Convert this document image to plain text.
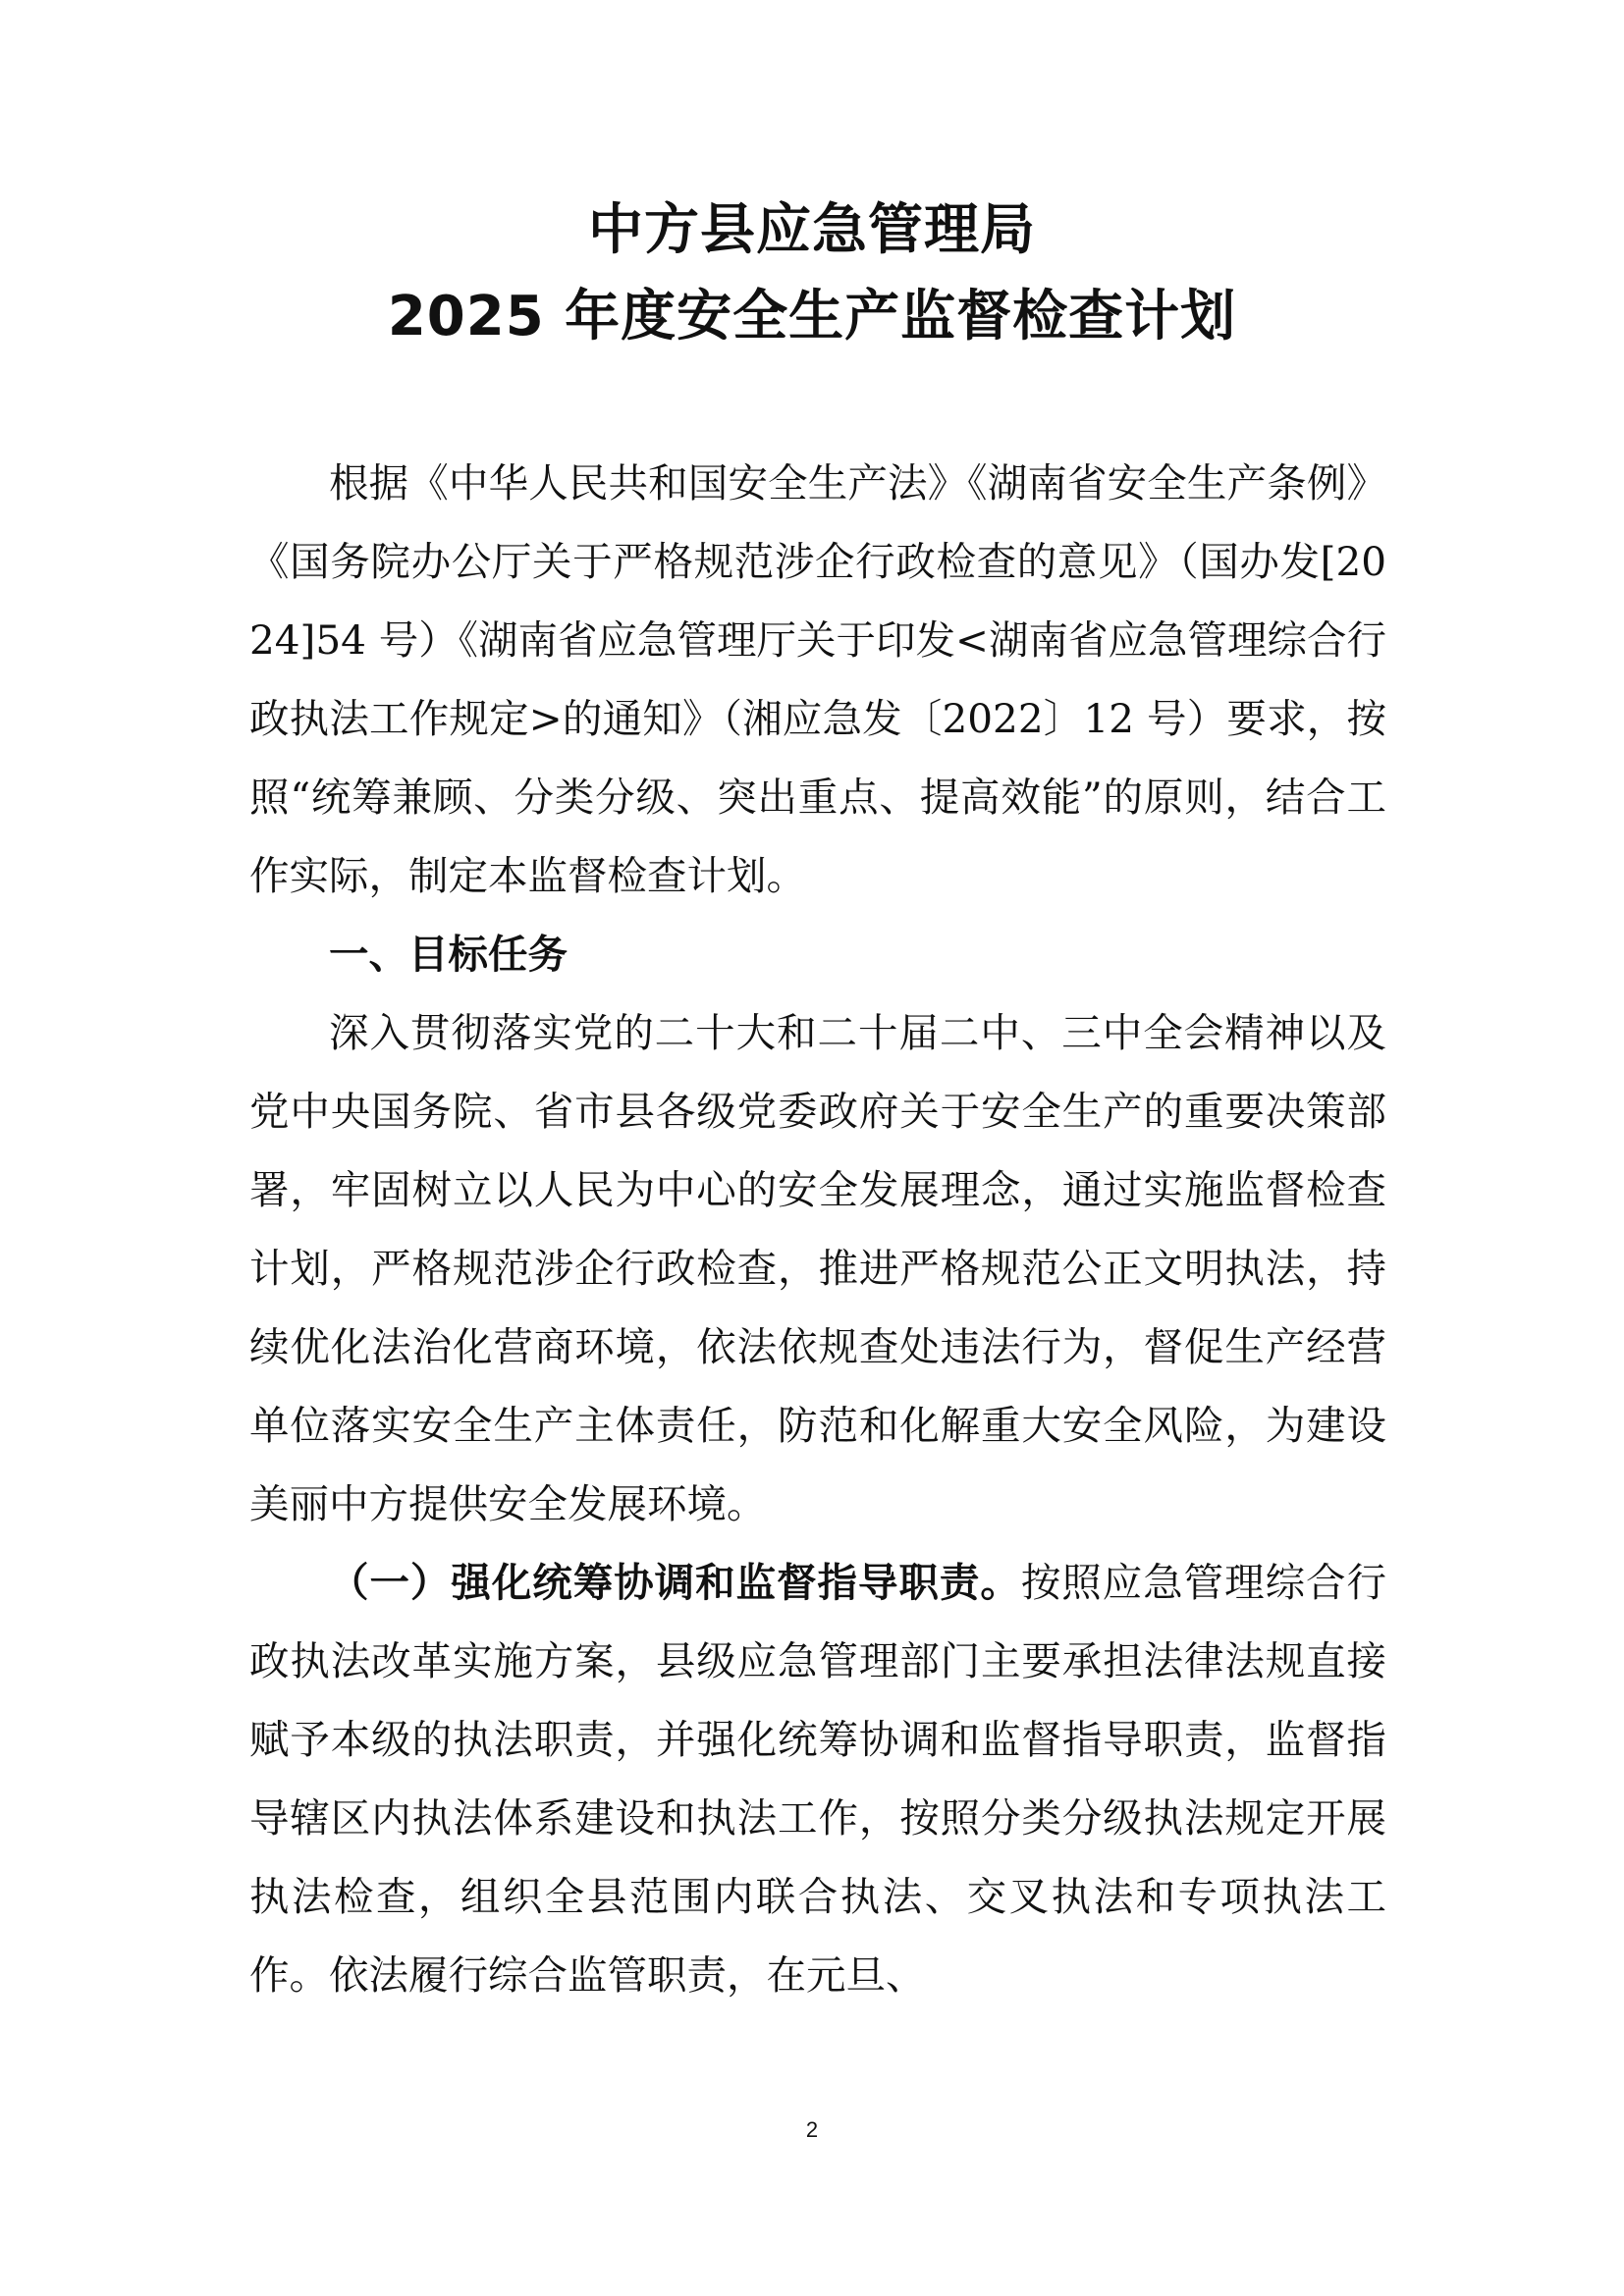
中方县应急管理局
2025 年度安全生产监督检查计划

根据《中华人民共和国安全生产法》《湖南省安全生产条例》《国务院办公厅关于严格规范涉企行政检查的意见》（国办发[2024]54 号）《湖南省应急管理厅关于印发<湖南省应急管理综合行政执法工作规定>的通知》（湘应急发〔2022〕12 号）要求，按照“统筹兼顾、分类分级、突出重点、提高效能”的原则，结合工作实际，制定本监督检查计划。

一、目标任务

深入贯彻落实党的二十大和二十届二中、三中全会精神以及党中央国务院、省市县各级党委政府关于安全生产的重要决策部署，牢固树立以人民为中心的安全发展理念，通过实施监督检查计划，严格规范涉企行政检查，推进严格规范公正文明执法，持续优化法治化营商环境，依法依规查处违法行为，督促生产经营单位落实安全生产主体责任，防范和化解重大安全风险，为建设美丽中方提供安全发展环境。

（一）强化统筹协调和监督指导职责。按照应急管理综合行政执法改革实施方案，县级应急管理部门主要承担法律法规直接赋予本级的执法职责，并强化统筹协调和监督指导职责，监督指导辖区内执法体系建设和执法工作，按照分类分级执法规定开展执法检查，组织全县范围内联合执法、交叉执法和专项执法工作。依法履行综合监管职责，在元旦、

2
